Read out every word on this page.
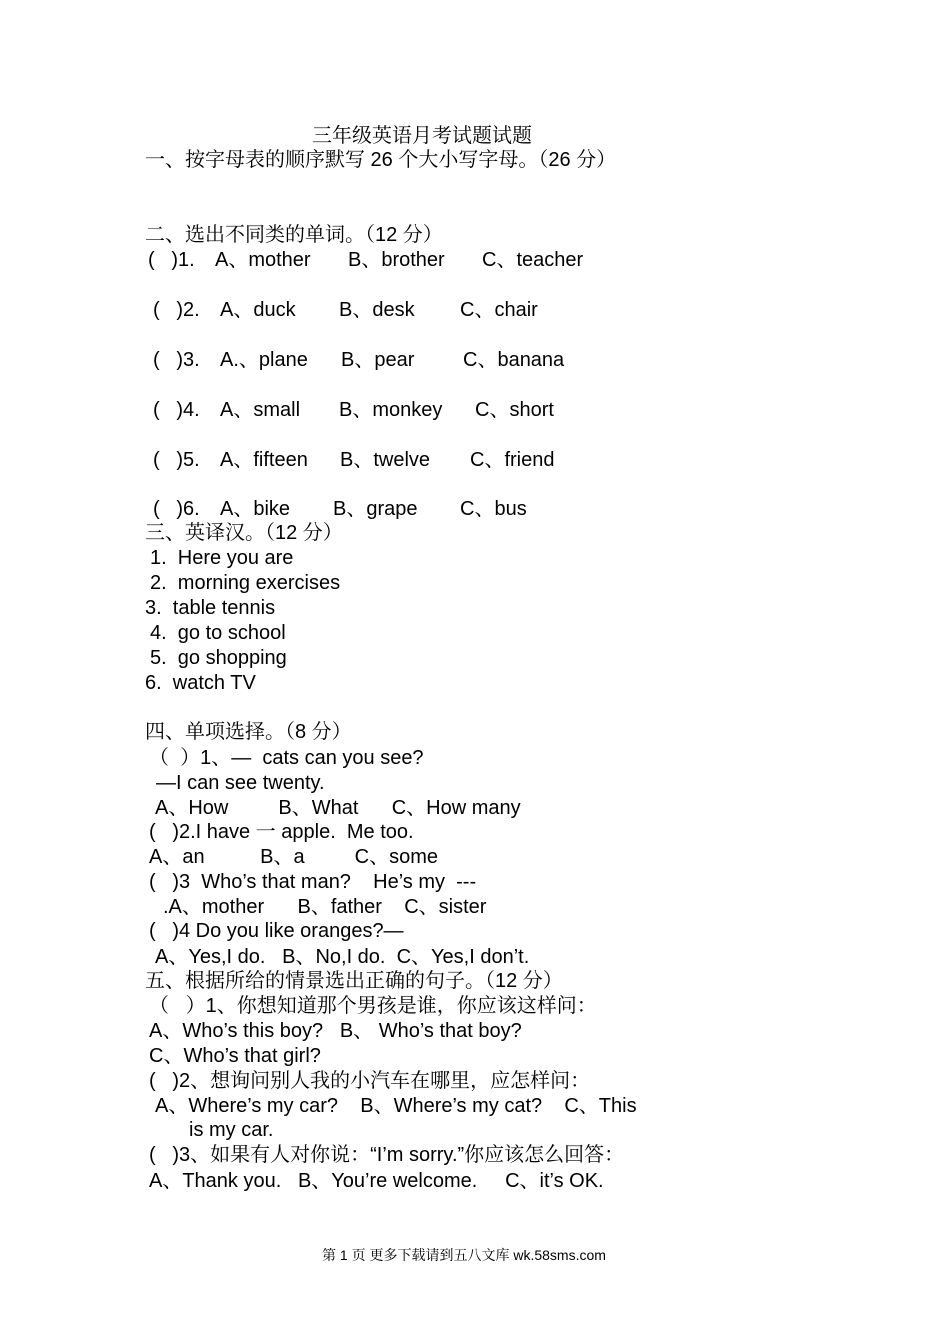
三年级英语月考试题试题
一、按字母表的顺序默写 26 个大小写字母。（26 分）
二、选出不同类的单词。（12 分）
(   )1. A、mother B、brother C、teacher
(   )2. A、duck B、desk C、chair
(   )3. A.、plane B、pear C、banana
(   )4. A、small B、monkey C、short
(   )5. A、fifteen B、twelve C、friend
(   )6. A、bike B、grape C、bus
三、英译汉。（12 分）
1.  Here you are
2.  morning exercises
3.  table tennis
4.  go to school
5.  go shopping
6.  watch TV
四、单项选择。（8 分）
（  ）1、—  cats can you see?
—I can see twenty.
A、How         B、What      C、How many
(   )2.I have 一 apple.  Me too.
A、an          B、a         C、some
(   )3  Who’s that man?    He’s my  ---
.A、mother      B、father    C、sister
(   )4 Do you like oranges?—
A、Yes,I do.   B、No,I do.  C、Yes,I don’t.
五、根据所给的情景选出正确的句子。（12 分）
（   ）1、你想知道那个男孩是谁，你应该这样问：
A、Who’s this boy?   B、 Who’s that boy?
C、Who’s that girl?
(   )2、想询问别人我的小汽车在哪里，应怎样问：
A、Where’s my car?    B、Where’s my cat?    C、This
is my car.
(   )3、如果有人对你说：“I’m sorry.”你应该怎么回答：
A、Thank you.   B、You’re welcome.     C、it’s OK.
第 1 页 更多下载请到五八文库 wk.58sms.com
